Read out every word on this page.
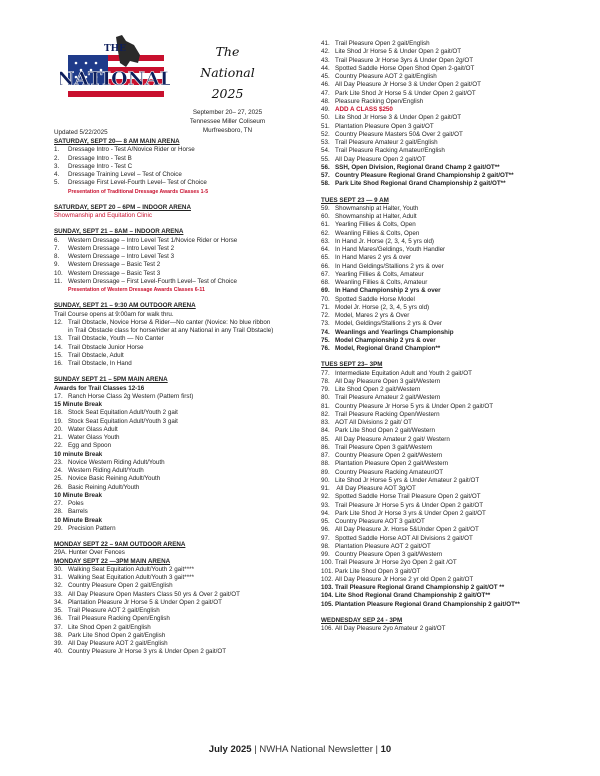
NATIONAL
THE	The
National
2025
September 20– 27, 2025
Tennessee Miller Coliseum
Murfreesboro, TN
Updated 5/22/2025
SATURDAY, SEPT 20— 8 AM MAIN ARENA
1. Dressage Intro - Test A/Novice Rider or Horse
2. Dressage Intro - Test B
3. Dressage Intro - Test C
4. Dressage Training Level – Test of Choice
5. Dressage First Level-Fourth Level– Test of Choice
Presentation of Traditional Dressage Awards Classes 1-5
SATURDAY, SEPT 20 – 6PM – INDOOR ARENA
Showmanship and Equitation Clinic
SUNDAY, SEPT 21 – 8AM – INDOOR ARENA
6. Western Dressage – Intro Level Test 1/Novice Rider or Horse
7. Western Dressage – Intro Level Test 2
8. Western Dressage – Intro Level Test 3
9. Western Dressage – Basic Test 2
10. Western Dressage – Basic Test 3
11. Western Dressage – First Level-Fourth Level– Test of Choice
Presentation of Western Dressage Awards Classes 6-11
SUNDAY, SEPT 21 – 9:30 AM OUTDOOR ARENA
Trail Course opens at 9:00am for walk thru.
12. Trail Obstacle, Novice Horse & Rider—No canter (Novice: No blue ribbon
in Trail Obstacle class for horse/rider at any National in any Trail Obstacle)
13. Trail Obstacle, Youth — No Canter
14. Trail Obstacle Junior Horse
15. Trail Obstacle, Adult
16. Trail Obstacle, In Hand
SUNDAY SEPT 21 – 5PM MAIN ARENA
Awards for Trail Classes 12-16
17. Ranch Horse Class 2g Western (Pattern first)
15 Minute Break
18. Stock Seat Equitation Adult/Youth 2 gait
19. Stock Seat Equitation Adult/Youth 3 gait
20. Water Glass Adult
21. Water Glass Youth
22. Egg and Spoon
10 minute Break
23. Novice Western Riding Adult/Youth
24. Western Riding Adult/Youth
25. Novice Basic Reining Adult/Youth
26. Basic Reining Adult/Youth
10 Minute Break
27. Poles
28. Barrels
10 Minute Break
29. Precision Pattern
MONDAY SEPT 22 – 9AM OUTDOOR ARENA
29A. Hunter Over Fences
MONDAY SEPT 22 —3PM MAIN ARENA
30. Walking Seat Equitation Adult/Youth 2 gait****
31. Walking Seat Equitation Adult/Youth 3 gait****
32. Country Pleasure Open 2 gait/English
33. All Day Pleasure Open Masters Class 50 yrs & Over 2 gait/OT
34. Plantation Pleasure Jr Horse 5 & Under Open 2 gait/OT
35. Trail Pleasure AOT 2 gait/English
36. Trail Pleasure Racking Open/English
37. Lite Shod Open 2 gait/English
38. Park Lite Shod Open 2 gait/English
39. All Day Pleasure AOT 2 gait/English
40. Country Pleasure Jr Horse 3 yrs & Under Open 2 gait/OT
41. Trail Pleasure Open 2 gait/English
42. Lite Shod Jr Horse 5 & Under Open 2 gait/OT
43. Trail Pleasure Jr Horse 3yrs & Under Open 2g/OT
44. Spotted Saddle Horse Open Shod Open 2-gait/OT
45. Country Pleasure AOT 2 gait/English
46. All Day Pleasure Jr Horse 3 & Under Open 2 gait/OT
47. Park Lite Shod Jr Horse 5 & Under Open 2 gait/OT
48. Pleasure Racking Open/English
49. ADD A CLASS $250
50. Lite Shod Jr Horse 3 & Under Open 2 gait/OT
51. Plantation Pleasure Open 3 gait/OT
52. Country Pleasure Masters 50& Over 2 gait/OT
53. Trail Pleasure Amateur 2 gait/English
54. Trail Pleasure Racking Amateur/English
55. All Day Pleasure Open 2 gait/OT
56. SSH, Open Division, Regional Grand Champ 2 gait/OT**
57. Country Pleasure Regional Grand Championship 2 gait/OT**
58. Park Lite Shod Regional Grand Championship 2 gait/OT**
TUES SEPT 23 — 9 AM
59. Showmanship at Halter, Youth
60. Showmanship at Halter, Adult
61. Yearling Fillies & Colts, Open
62. Weanling Fillies & Colts, Open
63. In Hand Jr. Horse (2, 3, 4, 5 yrs old)
64. In Hand Mares/Geldings, Youth Handler
65. In Hand Mares 2 yrs & over
66. In Hand Geldings/Stallions 2 yrs & over
67. Yearling Fillies & Colts, Amateur
68. Weanling Fillies & Colts, Amateur
69. In Hand Championship 2 yrs & over
70. Spotted Saddle Horse Model
71. Model Jr. Horse (2, 3, 4, 5 yrs old)
72. Model, Mares 2 yrs & Over
73. Model, Geldings/Stallions 2 yrs & Over
74. Weanlings and Yearlings Championship
75. Model Championship 2 yrs & over
76. Model, Regional Grand Champion**
TUES SEPT 23– 3PM
77. Intermediate Equitation Adult and Youth 2 gait/OT
78. All Day Pleasure Open 3 gait/Western
79. Lite Shod Open 2 gait/Western
80. Trail Pleasure Amateur 2 gait/Western
81. Country Pleasure Jr Horse 5 yrs & Under Open 2 gait/OT
82. Trail Pleasure Racking Open/Western
83. AOT All Divisions 2 gait/ OT
84. Park Lite Shod Open 2 gait/Western
85. All Day Pleasure Amateur 2 gait/ Western
86. Trail Pleasure Open 3 gait/Western
87. Country Pleasure Open 2 gait/Western
88. Plantation Pleasure Open 2 gait/Western
89. Country Pleasure Racking Amateur/OT
90. Lite Shod Jr Horse 5 yrs & Under Amateur 2 gait/OT
91. All Day Pleasure AOT 3g/OT
92. Spotted Saddle Horse Trail Pleasure Open 2 gait/OT
93. Trail Pleasure Jr Horse 5 yrs & Under Open 2 gait/OT
94. Park Lite Shod Jr Horse 3 yrs & Under Open 2 gait/OT
95. Country Pleasure AOT 3 gait/OT
96. All Day Pleasure Jr. Horse 5&Under Open 2 gait/OT
97. Spotted Saddle Horse AOT All Divisions 2 gait/OT
98. Plantation Pleasure AOT 2 gait/OT
99. Country Pleasure Open 3 gait/Western
100. Trail Pleasure Jr Horse 2yo Open 2 gait /OT
101. Park Lite Shod Open 3 gait/OT
102. All Day Pleasure Jr Horse 2 yr old Open 2 gait/OT
103. Trail Pleasure Regional Grand Championship 2 gait/OT **
104. Lite Shod Regional Grand Championship 2 gait/OT**
105. Plantation Pleasure Regional Grand Championship 2 gait/OT**
WEDNESDAY SEP 24 - 3PM
106. All Day Pleasure 2yo Amateur 2 gait/OT
July 2025 | NWHA National Newsletter | 10
